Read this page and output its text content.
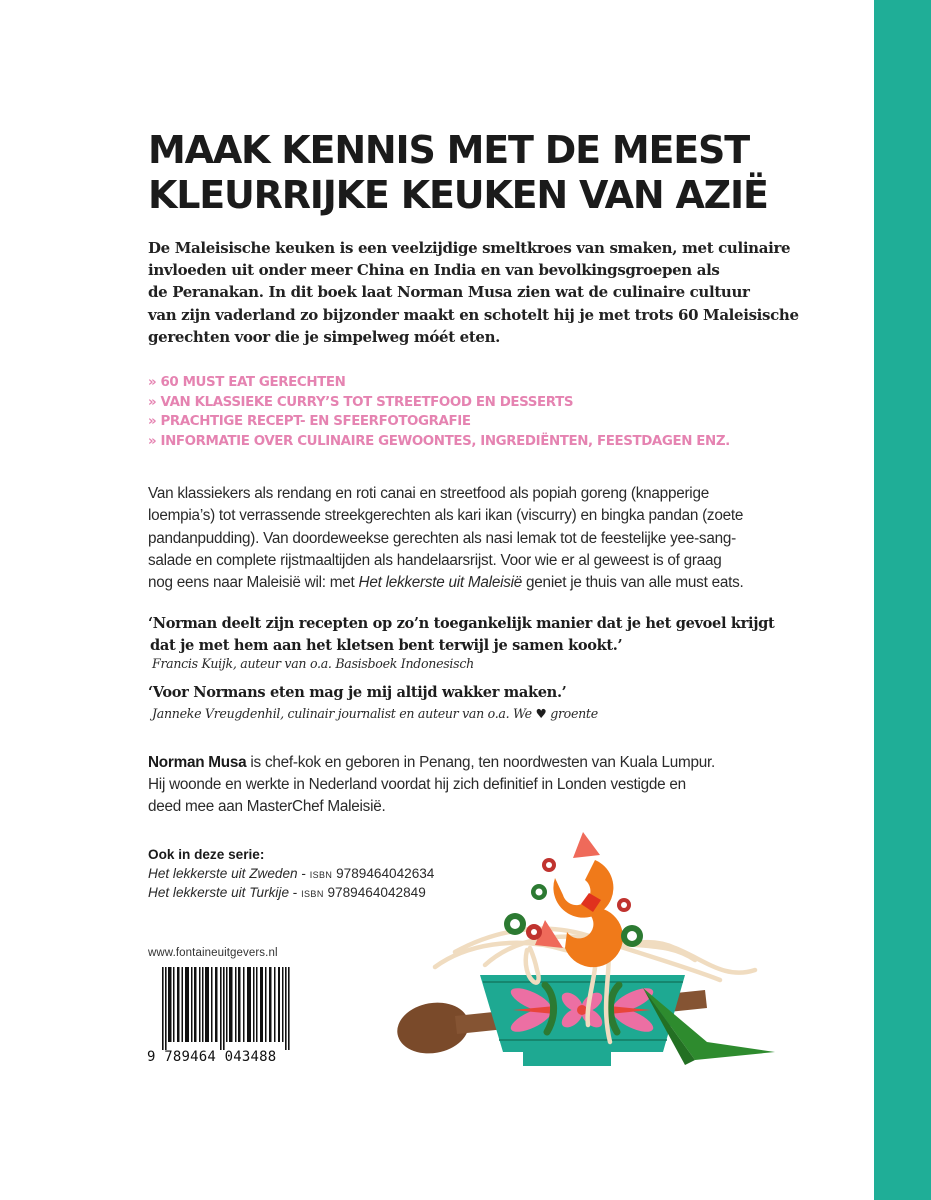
MAAK KENNIS MET DE MEEST
KLEURRIJKE KEUKEN VAN AZIË

De Maleisische keuken is een veelzijdige smeltkroes van smaken, met culinaire
invloeden uit onder meer China en India en van bevolkingsgroepen als
de Peranakan. In dit boek laat Norman Musa zien wat de culinaire cultuur
van zijn vaderland zo bijzonder maakt en schotelt hij je met trots 60 Maleisische
gerechten voor die je simpelweg móét eten.

» 60 MUST EAT GERECHTEN
» VAN KLASSIEKE CURRY’S TOT STREETFOOD EN DESSERTS
» PRACHTIGE RECEPT- EN SFEERFOTOGRAFIE
» INFORMATIE OVER CULINAIRE GEWOONTES, INGREDIËNTEN, FEESTDAGEN ENZ.

Van klassiekers als rendang en roti canai en streetfood als popiah goreng (knapperige
loempia’s) tot verrassende streekgerechten als kari ikan (viscurry) en bingka pandan (zoete
pandanpudding). Van doordeweekse gerechten als nasi lemak tot de feestelijke yee-sang-
salade en complete rijstmaaltijden als handelaarsrijst. Voor wie er al geweest is of graag
nog eens naar Maleisië wil: met Het lekkerste uit Maleisië geniet je thuis van alle must eats.

‘Norman deelt zijn recepten op zo’n toegankelijk manier dat je het gevoel krijgt
dat je met hem aan het kletsen bent terwijl je samen kookt.’

Francis Kuijk, auteur van o.a. Basisboek Indonesisch

‘Voor Normans eten mag je mij altijd wakker maken.’

Janneke Vreugdenhil, culinair journalist en auteur van o.a. We ♥ groente

Norman Musa is chef-kok en geboren in Penang, ten noordwesten van Kuala Lumpur.
Hij woonde en werkte in Nederland voordat hij zich definitief in Londen vestigde en
deed mee aan MasterChef Maleisië.

Ook in deze serie:
Het lekkerste uit Zweden - ISBN 9789464042634
Het lekkerste uit Turkije - ISBN 9789464042849
www.fontaineuitgevers.nl
9 789464 043488
